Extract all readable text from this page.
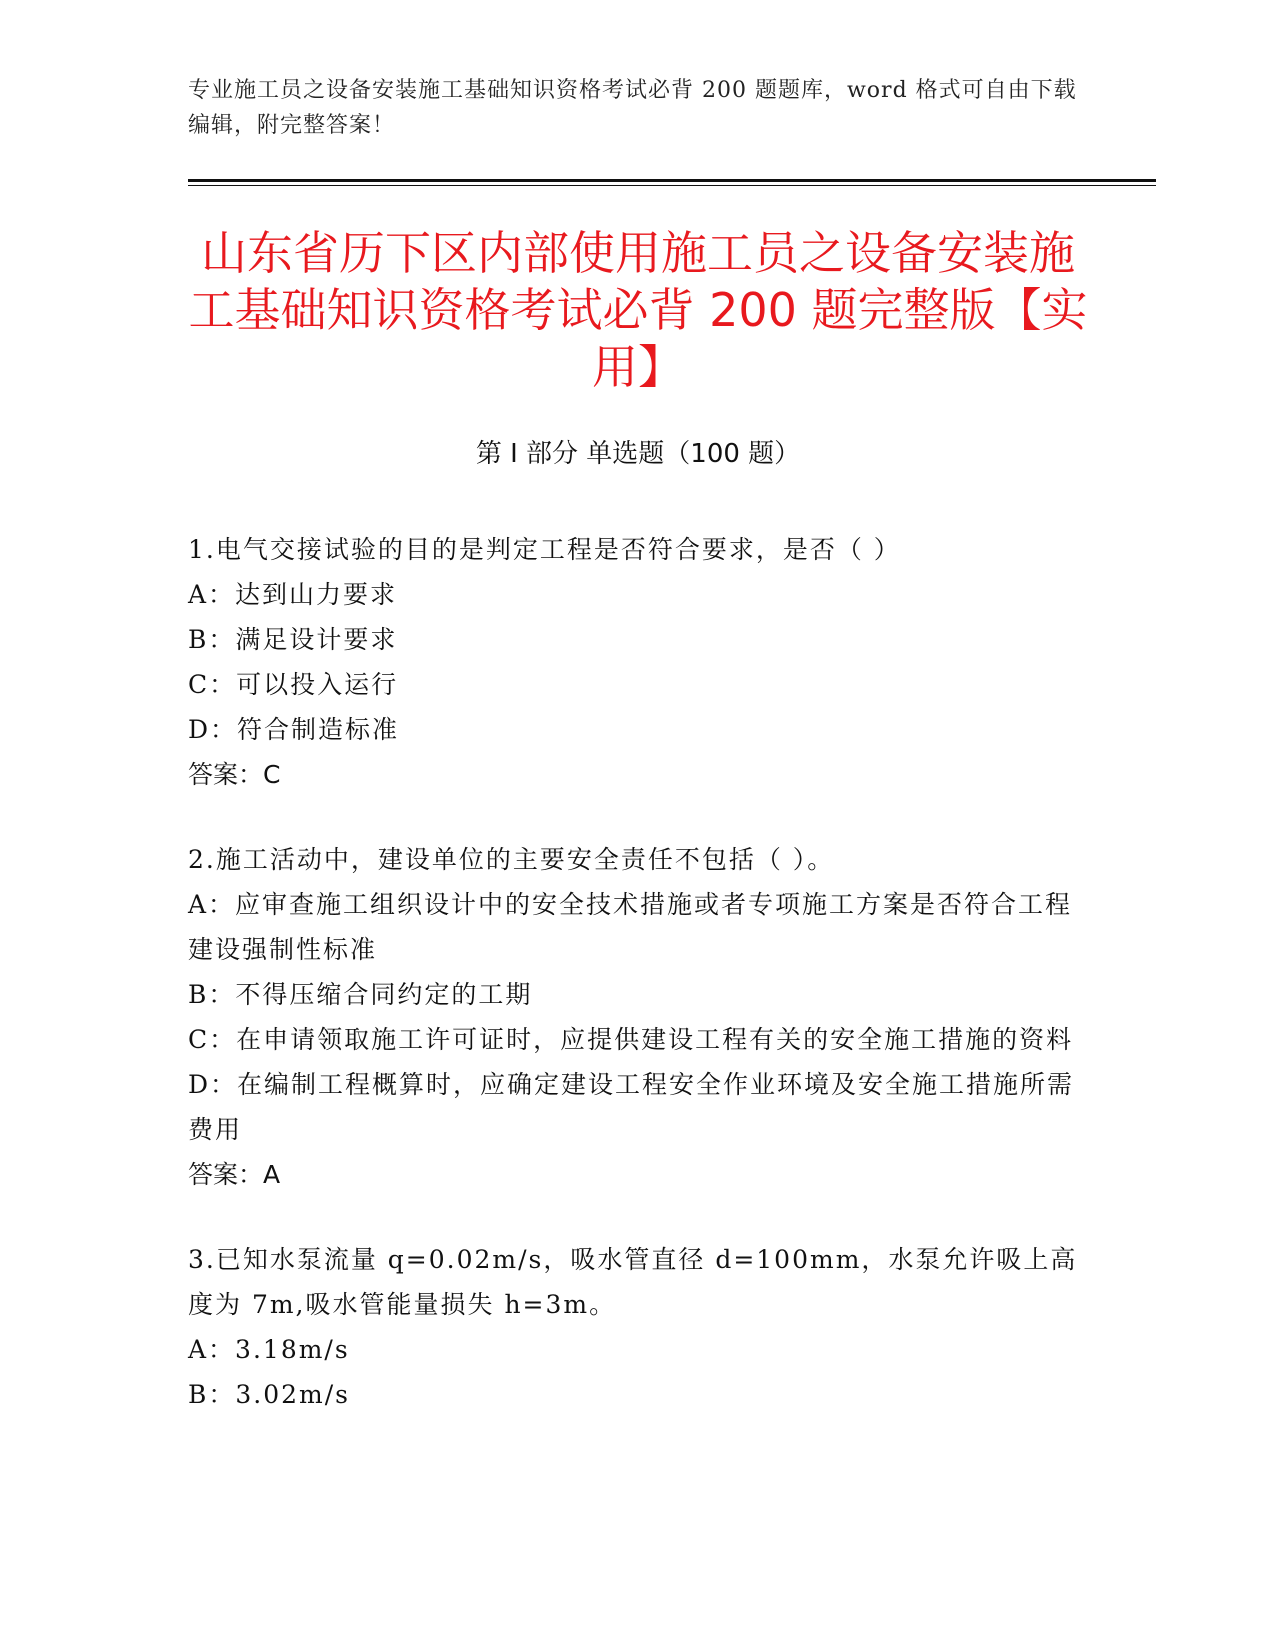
专业施工员之设备安装施工基础知识资格考试必背 200 题题库，word 格式可自由下载编辑，附完整答案！
山东省历下区内部使用施工员之设备安装施工基础知识资格考试必背 200 题完整版【实用】
第 I 部分 单选题（100 题）

1.电气交接试验的目的是判定工程是否符合要求，是否（ ）

A：达到山力要求

B：满足设计要求

C：可以投入运行

D：符合制造标准

答案：C

2.施工活动中，建设单位的主要安全责任不包括（ ）。

A：应审查施工组织设计中的安全技术措施或者专项施工方案是否符合工程建设强制性标准

B：不得压缩合同约定的工期

C：在申请领取施工许可证时，应提供建设工程有关的安全施工措施的资料

D：在编制工程概算时，应确定建设工程安全作业环境及安全施工措施所需费用

答案：A

3.已知水泵流量 q=0.02m/s，吸水管直径 d=100mm，水泵允许吸上高度为 7m,吸水管能量损失 h=3m。

A：3.18m/s

B：3.02m/s
